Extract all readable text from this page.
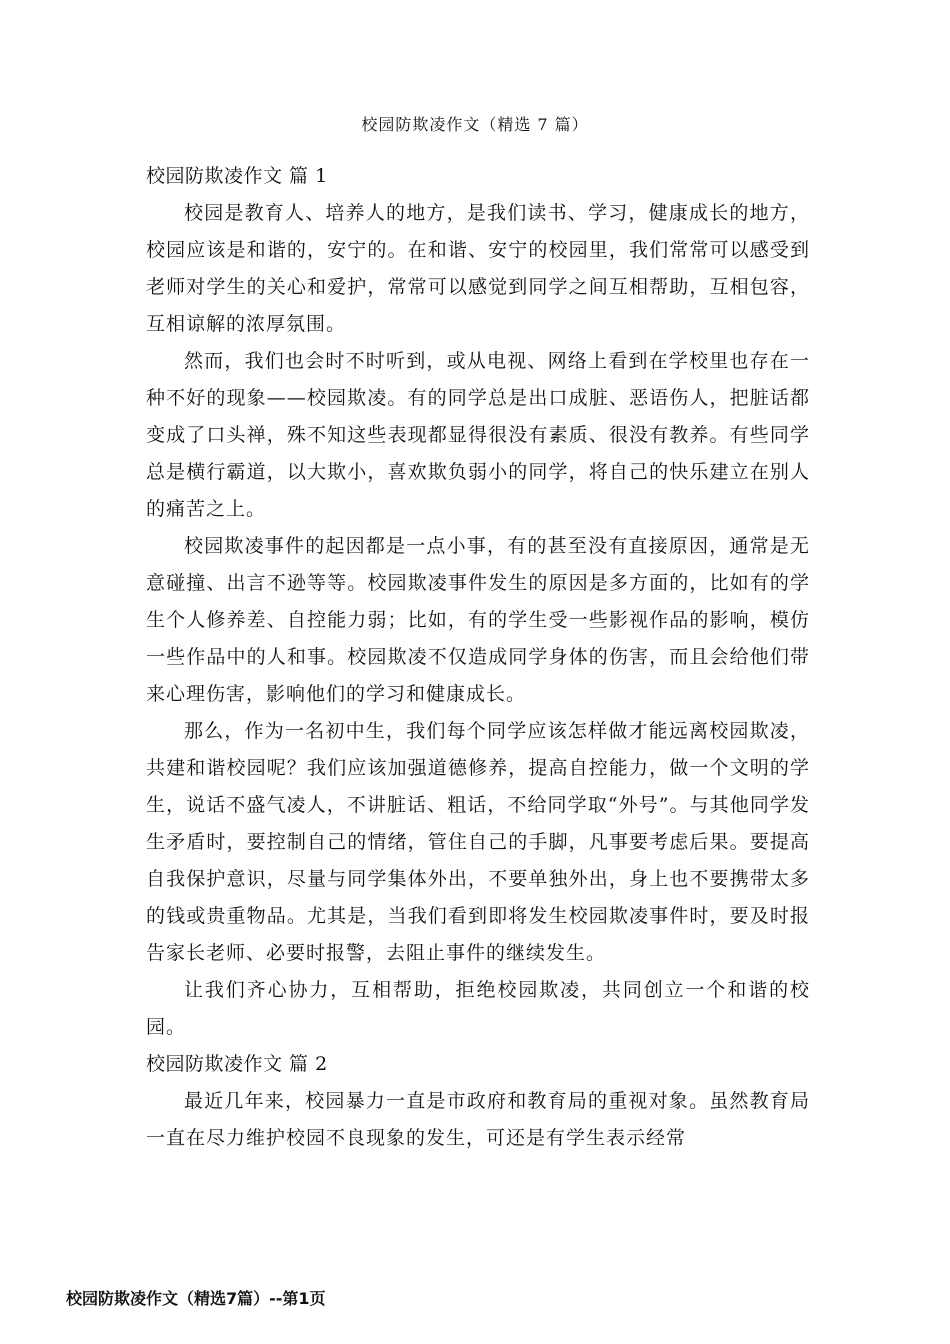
校园防欺凌作文（精选 7 篇）
校园防欺凌作文 篇 1

校园是教育人、培养人的地方，是我们读书、学习，健康成长的地方，校园应该是和谐的，安宁的。在和谐、安宁的校园里，我们常常可以感受到老师对学生的关心和爱护，常常可以感觉到同学之间互相帮助，互相包容，互相谅解的浓厚氛围。

然而，我们也会时不时听到，或从电视、网络上看到在学校里也存在一种不好的现象——校园欺凌。有的同学总是出口成脏、恶语伤人，把脏话都变成了口头禅，殊不知这些表现都显得很没有素质、很没有教养。有些同学总是横行霸道，以大欺小，喜欢欺负弱小的同学，将自己的快乐建立在别人的痛苦之上。

校园欺凌事件的起因都是一点小事，有的甚至没有直接原因，通常是无意碰撞、出言不逊等等。校园欺凌事件发生的原因是多方面的，比如有的学生个人修养差、自控能力弱；比如，有的学生受一些影视作品的影响，模仿一些作品中的人和事。校园欺凌不仅造成同学身体的伤害，而且会给他们带来心理伤害，影响他们的学习和健康成长。

那么，作为一名初中生，我们每个同学应该怎样做才能远离校园欺凌，共建和谐校园呢？我们应该加强道德修养，提高自控能力，做一个文明的学生，说话不盛气凌人，不讲脏话、粗话，不给同学取“外号”。与其他同学发生矛盾时，要控制自己的情绪，管住自己的手脚，凡事要考虑后果。要提高自我保护意识，尽量与同学集体外出，不要单独外出，身上也不要携带太多的钱或贵重物品。尤其是，当我们看到即将发生校园欺凌事件时，要及时报告家长老师、必要时报警，去阻止事件的继续发生。

让我们齐心协力，互相帮助，拒绝校园欺凌，共同创立一个和谐的校园。

校园防欺凌作文 篇 2

最近几年来，校园暴力一直是市政府和教育局的重视对象。虽然教育局一直在尽力维护校园不良现象的发生，可还是有学生表示经常

校园防欺凌作文（精选7篇）--第1页
